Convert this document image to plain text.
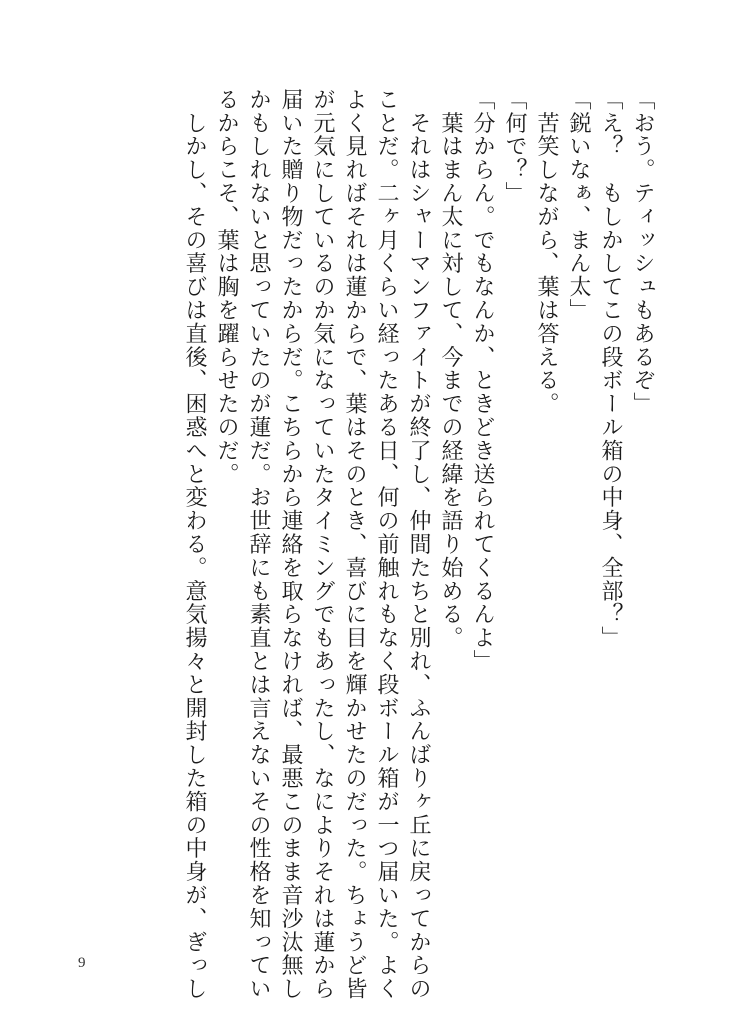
「おう。ティッシュもあるぞ」
「え？　もしかしてこの段ボール箱の中身、全部？」
「鋭いなぁ、まん太」
　苦笑しながら、葉は答える。
「何で？」
「分からん。でもなんか、ときどき送られてくるんよ」
　葉はまん太に対して、今までの経緯を語り始める。
　それはシャーマンファイトが終了し、仲間たちと別れ、ふんばりヶ丘に戻ってからの
ことだ。二ヶ月くらい経ったある日、何の前触れもなく段ボール箱が一つ届いた。よく
よく見ればそれは蓮からで、葉はそのとき、喜びに目を輝かせたのだった。ちょうど皆
が元気にしているのか気になっていたタイミングでもあったし、なによりそれは蓮から
届いた贈り物だったからだ。こちらから連絡を取らなければ、最悪このまま音沙汰無し
かもしれないと思っていたのが蓮だ。お世辞にも素直とは言えないその性格を知ってい
るからこそ、葉は胸を躍らせたのだ。
　しかし、その喜びは直後、困惑へと変わる。意気揚々と開封した箱の中身が、ぎっし
9
